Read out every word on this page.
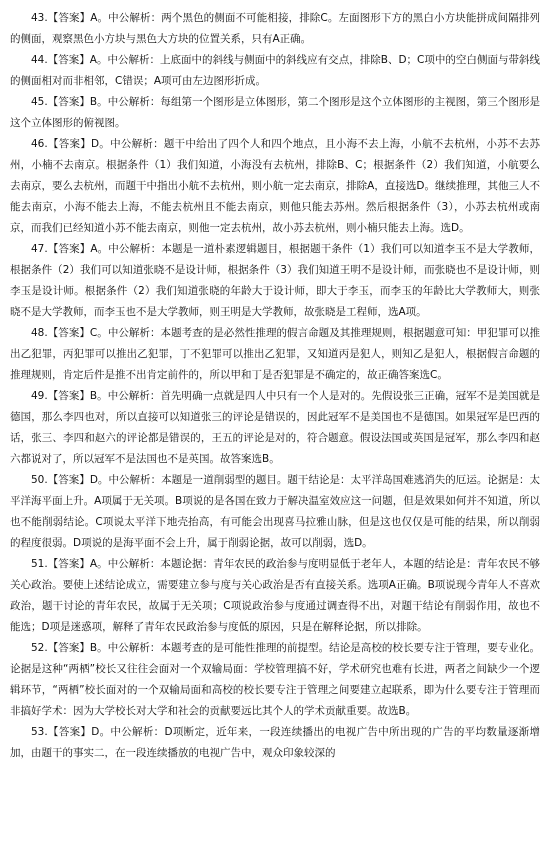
43.【答案】A。中公解析：两个黑色的侧面不可能相接，排除C。左面图形下方的黑白小方块能拼成间隔排列的侧面，观察黑色小方块与黑色大方块的位置关系，只有A正确。

44.【答案】A。中公解析：上底面中的斜线与侧面中的斜线应有交点，排除B、D；C项中的空白侧面与带斜线的侧面相对而非相邻，C错误；A项可由左边图形折成。

45.【答案】B。中公解析：每组第一个图形是立体图形，第二个图形是这个立体图形的主视图，第三个图形是这个立体图形的俯视图。

46.【答案】D。中公解析：题干中给出了四个人和四个地点，且小海不去上海，小航不去杭州，小苏不去苏州，小楠不去南京。根据条件（1）我们知道，小海没有去杭州，排除B、C；根据条件（2）我们知道，小航要么去南京，要么去杭州，而题干中指出小航不去杭州，则小航一定去南京，排除A，直接选D。继续推理，其他三人不能去南京，小海不能去上海，不能去杭州且不能去南京，则他只能去苏州。然后根据条件（3），小苏去杭州或南京，而我们已经知道小苏不能去南京，则他一定去杭州，故小苏去杭州，则小楠只能去上海。选D。

47.【答案】A。中公解析：本题是一道朴素逻辑题目，根据题干条件（1）我们可以知道李玉不是大学教师，根据条件（2）我们可以知道张晓不是设计师，根据条件（3）我们知道王明不是设计师，而张晓也不是设计师，则李玉是设计师。根据条件（2）我们知道张晓的年龄大于设计师，即大于李玉，而李玉的年龄比大学教师大，则张晓不是大学教师，而李玉也不是大学教师，则王明是大学教师，故张晓是工程师，选A项。

48.【答案】C。中公解析：本题考查的是必然性推理的假言命题及其推理规则，根据题意可知：甲犯罪可以推出乙犯罪，丙犯罪可以推出乙犯罪，丁不犯罪可以推出乙犯罪，又知道丙是犯人，则知乙是犯人，根据假言命题的推理规则，肯定后件是推不出肯定前件的，所以甲和丁是否犯罪是不确定的，故正确答案选C。

49.【答案】B。中公解析：首先明确一点就是四人中只有一个人是对的。先假设张三正确，冠军不是美国就是德国，那么李四也对，所以直接可以知道张三的评论是错误的，因此冠军不是美国也不是德国。如果冠军是巴西的话，张三、李四和赵六的评论都是错误的，王五的评论是对的，符合题意。假设法国或英国是冠军，那么李四和赵六都说对了，所以冠军不是法国也不是英国。故答案选B。

50.【答案】D。中公解析：本题是一道削弱型的题目。题干结论是：太平洋岛国难逃消失的厄运。论据是：太平洋海平面上升。A项属于无关项。B项说的是各国在致力于解决温室效应这一问题，但是效果如何并不知道，所以也不能削弱结论。C项说太平洋下地壳抬高，有可能会出现喜马拉雅山脉，但是这也仅仅是可能的结果，所以削弱的程度很弱。D项说的是海平面不会上升，属于削弱论据，故可以削弱，选D。

51.【答案】A。中公解析：本题论据：青年农民的政治参与度明显低于老年人，本题的结论是：青年农民不够关心政治。要使上述结论成立，需要建立参与度与关心政治是否有直接关系。选项A正确。B项说现今青年人不喜欢政治，题干讨论的青年农民，故属于无关项；C项说政治参与度通过调查得不出，对题干结论有削弱作用，故也不能选；D项是迷惑项，解释了青年农民政治参与度低的原因，只是在解释论据，所以排除。

52.【答案】B。中公解析：本题考查的是可能性推理的前提型。结论是高校的校长要专注于管理，要专业化。论据是这种“两栖”校长又往往会面对一个双输局面：学校管理搞不好，学术研究也难有长进，两者之间缺少一个逻辑环节，“两栖”校长面对的一个双输局面和高校的校长要专注于管理之间要建立起联系，即为什么要专注于管理而非搞好学术：因为大学校长对大学和社会的贡献要远比其个人的学术贡献重要。故选B。

53.【答案】D。中公解析：D项断定，近年来，一段连续播出的电视广告中所出现的广告的平均数量逐渐增加，由题干的事实二，在一段连续播放的电视广告中，观众印象较深的
